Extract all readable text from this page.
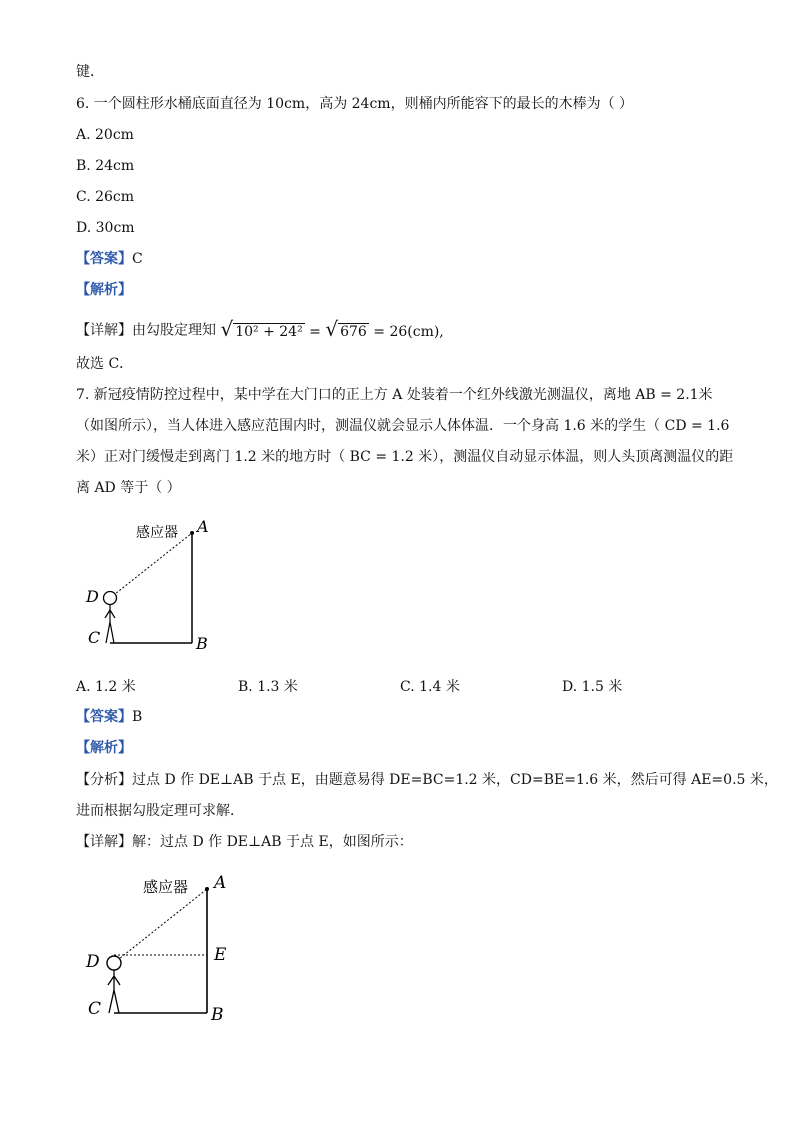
键．
6. 一个圆柱形水桶底面直径为 10cm，高为 24cm，则桶内所能容下的最长的木棒为（ ）
A. 20cm
B. 24cm
C. 26cm
D. 30cm
【答案】C
【解析】
【详解】由勾股定理知 √ 10² + 24² = √ 676 = 26(cm),
故选 C．
7. 新冠疫情防控过程中，某中学在大门口的正上方 A 处装着一个红外线激光测温仪，离地 AB = 2.1米
（如图所示），当人体进入感应范围内时，测温仪就会显示人体体温．一个身高 1.6 米的学生（ CD = 1.6
米）正对门缓慢走到离门 1.2 米的地方时（ BC = 1.2 米），测温仪自动显示体温，则人头顶离测温仪的距
离 AD 等于（ ）
感应器 A
D
C	B
A. 1.2 米	B. 1.3 米	C. 1.4 米	D. 1.5 米
【答案】B
【解析】
【分析】过点 D 作 DE⊥AB 于点 E，由题意易得 DE=BC=1.2 米，CD=BE=1.6 米，然后可得 AE=0.5 米，
进而根据勾股定理可求解．
【详解】解：过点 D 作 DE⊥AB 于点 E，如图所示：
感应器 A
E
D
C	B
